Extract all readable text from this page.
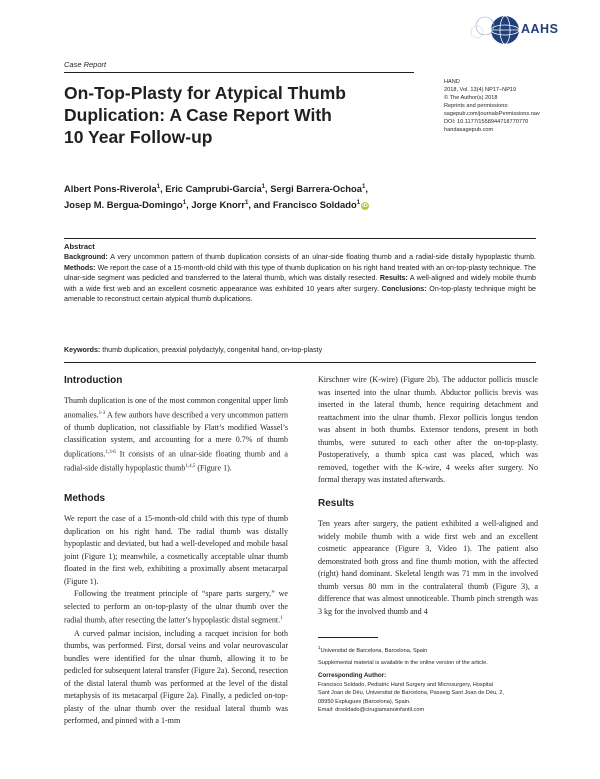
AAHS
Case Report
HAND
2018, Vol. 13(4) NP17–NP19
© The Author(s) 2018
Reprints and permissions:
sagepub.com/journalsPermissions.nav
DOI: 10.1177/1558944718770770
handasagepub.com
On-Top-Plasty for Atypical Thumb
Duplication: A Case Report With
10 Year Follow-up
Albert Pons-Riverola$^1$, Eric Camprubi-Garcia$^1$, Sergi Barrera-Ochoa$^1$,
Josep M. Bergua-Domingo$^1$, Jorge Knorr$^1$, and Francisco Soldado$^1$iD
Abstract
Background: A very uncommon pattern of thumb duplication consists of an ulnar-side floating thumb and a radial-side distally hypoplastic thumb. Methods: We report the case of a 15-month-old child with this type of thumb duplication on his right hand treated with an on-top-plasty technique. The ulnar-side segment was pedicled and transferred to the lateral thumb, which was distally resected. Results: A well-aligned and widely mobile thumb with a wide first web and an excellent cosmetic appearance was exhibited 10 years after surgery. Conclusions: On-top-plasty technique might be amenable to reconstruct certain atypical thumb duplications.
Keywords: thumb duplication, preaxial polydactyly, congenital hand, on-top-plasty
Introduction

Thumb duplication is one of the most common congenital upper limb anomalies.$^{1-3}$ A few authors have described a very uncommon pattern of thumb duplication, not classifiable by Flatt’s modified Wassel’s classification system, and accounting for a mere 0.7% of thumb duplications.$^{1,3-6}$ It consists of an ulnar-side floating thumb and a radial-side distally hypoplastic thumb$^{1,4,5}$ (Figure 1).

Methods

We report the case of a 15-month-old child with this type of thumb duplication on his right hand. The radial thumb was distally hypoplastic and deviated, but had a well-developed and mobile basal joint (Figure 1); meanwhile, a cosmetically acceptable ulnar thumb floated in the first web, exhibiting a proximally absent metacarpal (Figure 1).

Following the treatment principle of “spare parts surgery,” we selected to perform an on-top-plasty of the ulnar thumb over the radial thumb, after resecting the latter’s hypoplastic distal segment.$^1$

A curved palmar incision, including a racquet incision for both thumbs, was performed. First, dorsal veins and volar neurovascular bundles were identified for the ulnar thumb, allowing it to be pedicled for subsequent lateral transfer (Figure 2a). Second, resection of the distal lateral thumb was performed at the level of the distal metaphysis of its metacarpal (Figure 2a). Finally, a pedicled on-top-plasty of the ulnar thumb over the residual lateral thumb was performed, and pinned with a 1-mm

Kirschner wire (K-wire) (Figure 2b). The adductor pollicis muscle was inserted into the ulnar thumb. Abductor pollicis brevis was inserted in the lateral thumb, hence requiring detachment and reattachment into the ulnar thumb. Flexor pollicis longus tendon was absent in both thumbs. Extensor tendons, present in both thumbs, were sutured to each other after the on-top-plasty. Postoperatively, a thumb spica cast was placed, which was removed, together with the K-wire, 4 weeks after surgery. No formal therapy was instated afterwards.

Results

Ten years after surgery, the patient exhibited a well-aligned and widely mobile thumb with a wide first web and an excellent cosmetic appearance (Figure 3, Video 1). The patient also demonstrated both gross and fine thumb motion, with the affected (right) hand dominant. Skeletal length was 71 mm in the involved thumb versus 80 mm in the contralateral thumb (Figure 3), a difference that was almost unnoticeable. Thumb pinch strength was 3 kg for the involved thumb and 4

$^1$Universitat de Barcelona, Barcelona, Spain

Supplemental material is available in the online version of the article.

Corresponding Author:

Francisco Soldado, Pediatric Hand Surgery and Microsurgery, Hospital

Sant Joan de Déu, Universitat de Barcelona, Passeig Sant Joan de Déu, 2,

08950 Esplugues (Barcelona), Spain.

Email: drsoldado@cirugiamanoinfantil.com
